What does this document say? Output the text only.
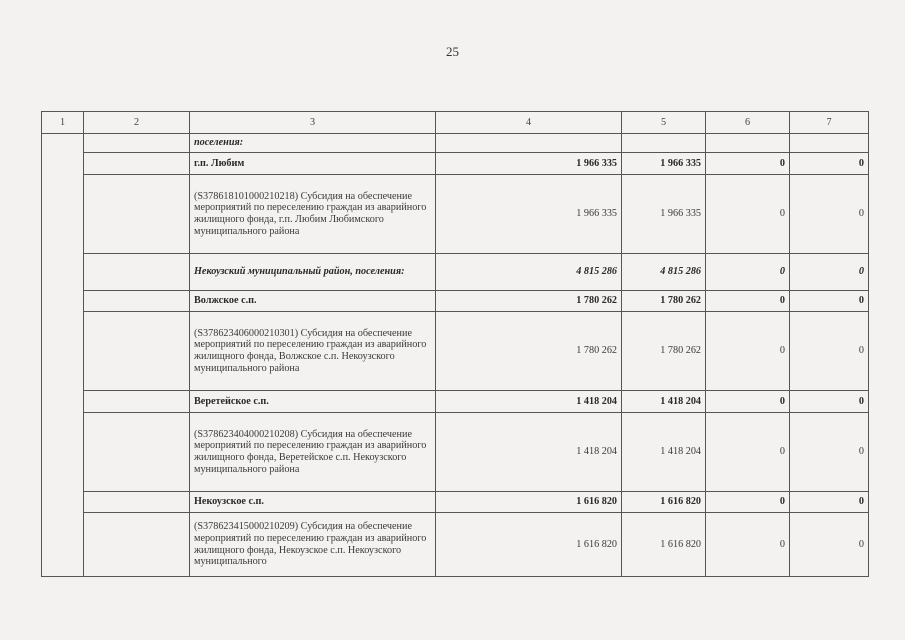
25
1	2	3	4	5	6	7
		поселения:				
		г.п. Любим	1 966 335	1 966 335	0	0
		(S378618101000210218) Субсидия на обеспечение мероприятий по переселению граждан из аварийного жилищного фонда, г.п. Любим Любимского муниципального района	1 966 335	1 966 335	0	0
		Некоузский муниципальный район, поселения:	4 815 286	4 815 286	0	0
		Волжское с.п.	1 780 262	1 780 262	0	0
		(S378623406000210301) Субсидия на обеспечение мероприятий по переселению граждан из аварийного жилищного фонда, Волжское с.п. Некоузского муниципального района	1 780 262	1 780 262	0	0
		Веретейское с.п.	1 418 204	1 418 204	0	0
		(S378623404000210208) Субсидия на обеспечение мероприятий по переселению граждан из аварийного жилищного фонда, Веретейское с.п. Некоузского муниципального района	1 418 204	1 418 204	0	0
		Некоузское с.п.	1 616 820	1 616 820	0	0
		(S378623415000210209) Субсидия на обеспечение мероприятий по переселению граждан из аварийного жилищного фонда, Некоузское с.п. Некоузского муниципального	1 616 820	1 616 820	0	0
